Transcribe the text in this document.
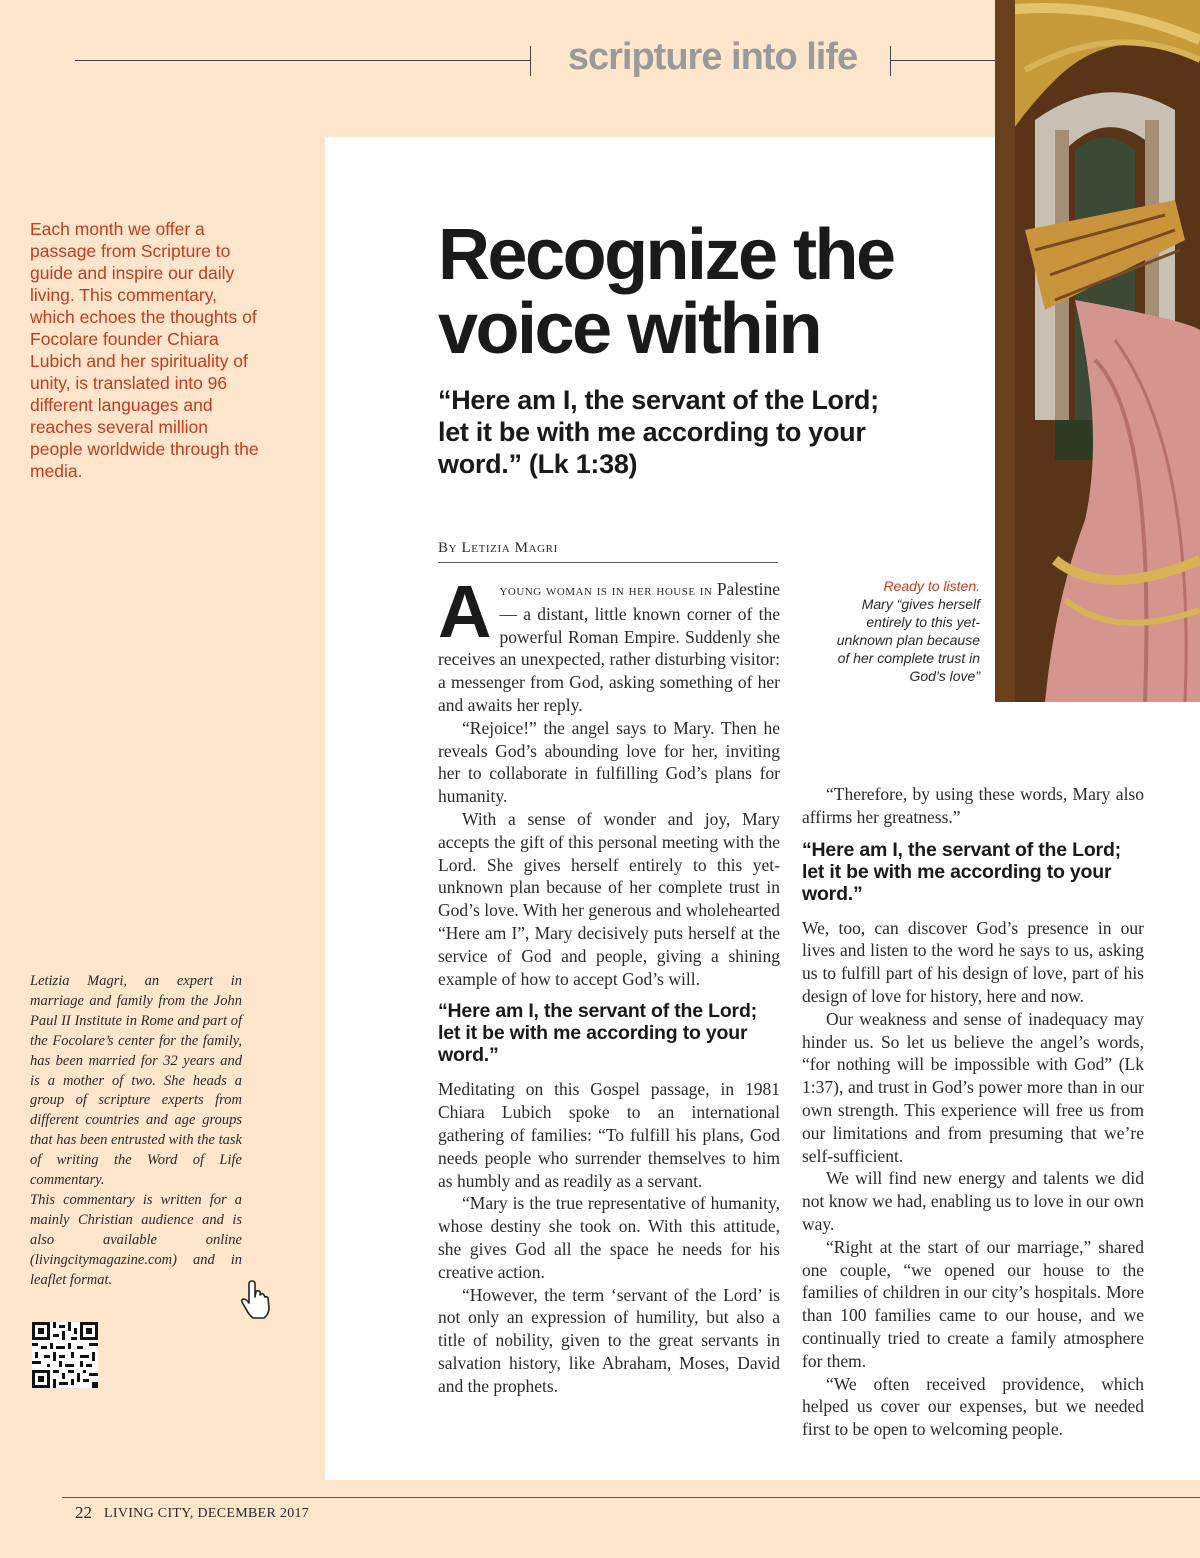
scripture into life
Each month we offer a passage from Scripture to guide and inspire our daily living. This commentary, which echoes the thoughts of Focolare founder Chiara Lubich and her spirituality of unity, is translated into 96 different languages and reaches several million people worldwide through the media.
Recognize the voice within
“Here am I, the servant of the Lord; let it be with me according to your word.” (Lk 1:38)
By Letizia Magri
Ready to listen.
Mary “gives herself entirely to this yet-unknown plan because of her complete trust in God’s love”

Ayoung woman is in her house in Palestine — a distant, little known corner of the powerful Roman Empire. Suddenly she receives an unexpected, rather disturbing visitor: a messenger from God, asking something of her and awaits her reply.

“Rejoice!” the angel says to Mary. Then he reveals God’s abounding love for her, inviting her to collaborate in fulfilling God’s plans for humanity.

With a sense of wonder and joy, Mary accepts the gift of this personal meeting with the Lord. She gives herself entirely to this yet-unknown plan because of her complete trust in God’s love. With her generous and wholehearted “Here am I”, Mary decisively puts herself at the service of God and people, giving a shining example of how to accept God’s will.

“Here am I, the servant of the Lord; let it be with me according to your word.”

Meditating on this Gospel passage, in 1981 Chiara Lubich spoke to an international gathering of families: “To fulfill his plans, God needs people who surrender themselves to him as humbly and as readily as a servant.

“Mary is the true representative of humanity, whose destiny she took on. With this attitude, she gives God all the space he needs for his creative action.

“However, the term ‘servant of the Lord’ is not only an expression of humility, but also a title of nobility, given to the great servants in salvation history, like Abraham, Moses, David and the prophets.

“Therefore, by using these words, Mary also affirms her greatness.”

“Here am I, the servant of the Lord; let it be with me according to your word.”

We, too, can discover God’s presence in our lives and listen to the word he says to us, asking us to fulfill part of his design of love, part of his design of love for history, here and now.

Our weakness and sense of inadequacy may hinder us. So let us believe the angel’s words, “for nothing will be impossible with God” (Lk 1:37), and trust in God’s power more than in our own strength. This experience will free us from our limitations and from presuming that we’re self-sufficient.

We will find new energy and talents we did not know we had, enabling us to love in our own way.

“Right at the start of our marriage,” shared one couple, “we opened our house to the families of children in our city’s hospitals. More than 100 families came to our house, and we continually tried to create a family atmosphere for them.

“We often received providence, which helped us cover our expenses, but we needed first to be open to welcoming people.

Letizia Magri, an expert in marriage and family from the John Paul II Institute in Rome and part of the Focolare’s center for the family, has been married for 32 years and is a mother of two. She heads a group of scripture experts from different countries and age groups that has been entrusted with the task of writing the Word of Life commentary.

This commentary is written for a mainly Christian audience and is also available online (livingcitymagazine.com) and in leaflet format.

22 LIVING CITY, DECEMBER 2017
